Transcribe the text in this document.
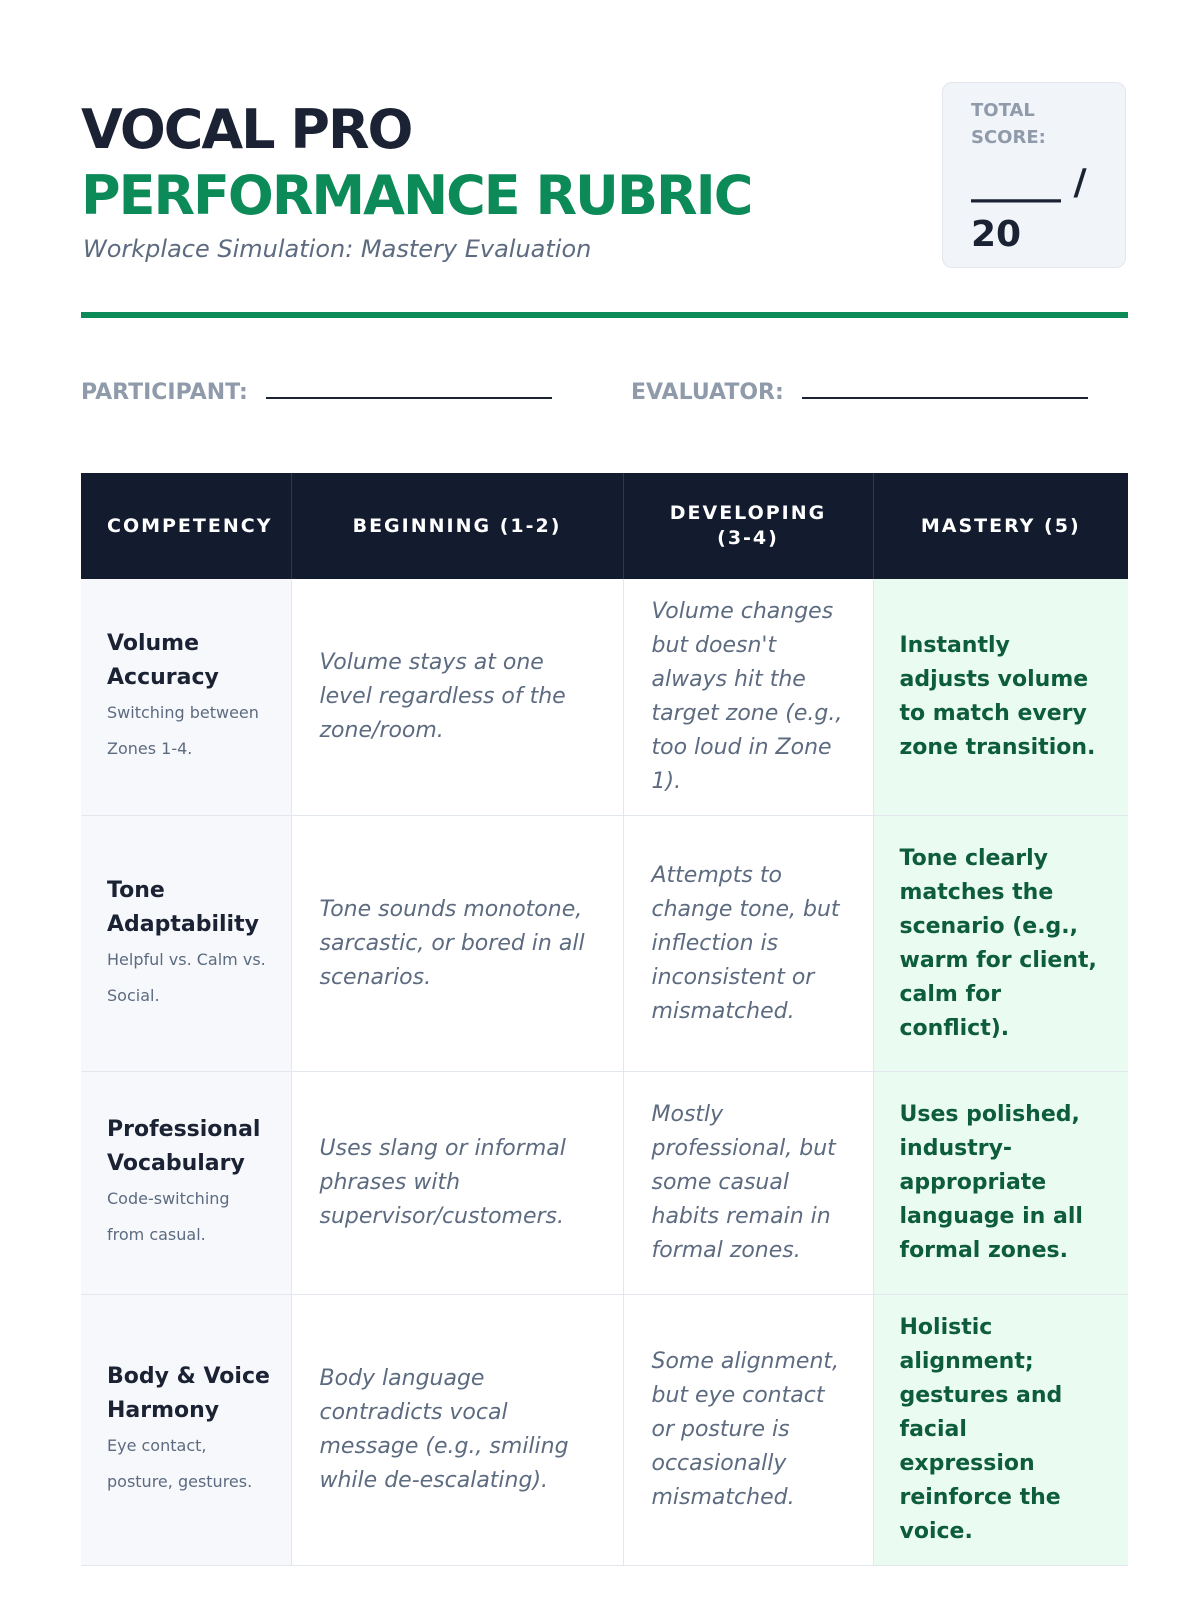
VOCAL PRO
PERFORMANCE RUBRIC
Workplace Simulation: Mastery Evaluation
TOTAL SCORE:
_____ / 20
PARTICIPANT:	EVALUATOR:
COMPETENCY	BEGINNING (1-2)	DEVELOPING (3-4)	MASTERY (5)

Volume Accuracy
Switching between Zones 1-4.	Volume stays at one level regardless of the zone/room.	Volume changes but doesn't always hit the target zone (e.g., too loud in Zone 1).	Instantly adjusts volume to match every zone transition.

Tone Adaptability
Helpful vs. Calm vs. Social.	Tone sounds monotone, sarcastic, or bored in all scenarios.	Attempts to change tone, but inflection is inconsistent or mismatched.	Tone clearly matches the scenario (e.g., warm for client, calm for conflict).

Professional Vocabulary
Code-switching from casual.	Uses slang or informal phrases with supervisor/customers.	Mostly professional, but some casual habits remain in formal zones.	Uses polished, industry-appropriate language in all formal zones.

Body & Voice Harmony
Eye contact, posture, gestures.	Body language contradicts vocal message (e.g., smiling while de-escalating).	Some alignment, but eye contact or posture is occasionally mismatched.	Holistic alignment; gestures and facial expression reinforce the voice.
